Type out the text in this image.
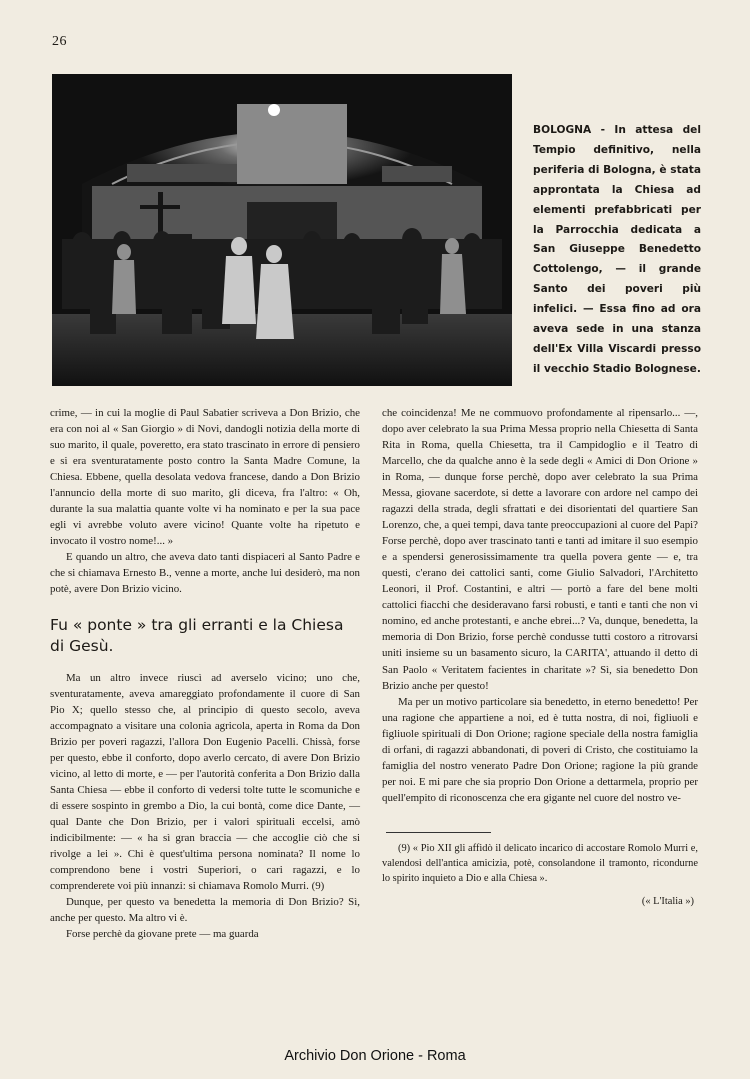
26
BOLOGNA - In attesa del Tempio definitivo, nella periferia di Bologna, è stata approntata la Chiesa ad elementi prefabbricati per la Parrocchia dedicata a San Giuseppe Benedetto Cottolengo, — il grande Santo dei poveri più infelici. — Essa fino ad ora aveva sede in una stanza dell'Ex Villa Viscardi presso il vecchio Stadio Bolognese.

crime, — in cui la moglie di Paul Sabatier scriveva a Don Brizio, che era con noi al « San Giorgio » di Novi, dandogli notizia della morte di suo marito, il quale, poveretto, era stato trascinato in errore di pensiero e si era sventuratamente posto contro la Santa Madre Comune, la Chiesa. Ebbene, quella desolata vedova francese, dando a Don Brizio l'annuncio della morte di suo marito, gli diceva, fra l'altro: « Oh, durante la sua malattia quante volte vi ha nominato e per la sua pace egli vi avrebbe voluto avere vicino! Quante volte ha ripetuto e invocato il vostro nome!... »

E quando un altro, che aveva dato tanti dispiaceri al Santo Padre e che si chiamava Ernesto B., venne a morte, anche lui desiderò, ma non potè, avere Don Brizio vicino.

Fu « ponte » tra gli erranti e la Chiesa di Gesù.

Ma un altro invece riuscì ad averselo vicino; uno che, sventuratamente, aveva amareggiato profondamente il cuore di San Pio X; quello stesso che, al principio di questo secolo, aveva accompagnato a visitare una colonia agricola, aperta in Roma da Don Brizio per poveri ragazzi, l'allora Don Eugenio Pacelli. Chissà, forse per questo, ebbe il conforto, dopo averlo cercato, di avere Don Brizio vicino, al letto di morte, e — per l'autorità conferita a Don Brizio dalla Santa Chiesa — ebbe il conforto di vedersi tolte tutte le scomuniche e di essere sospinto in grembo a Dio, la cui bontà, come dice Dante, — qual Dante che Don Brizio, per i valori spirituali eccelsi, amò indicibilmente: — « ha sì gran braccia — che accoglie ciò che si rivolge a lei ». Chi è quest'ultima persona nominata? Il nome lo comprendono bene i vostri Superiori, o cari ragazzi, e lo comprenderete voi più innanzi: si chiamava Romolo Murri. (9)

Dunque, per questo va benedetta la memoria di Don Brizio? Sì, anche per questo. Ma altro vi è.

Forse perchè da giovane prete — ma guarda

che coincidenza! Me ne commuovo profondamente al ripensarlo... —, dopo aver celebrato la sua Prima Messa proprio nella Chiesetta di Santa Rita in Roma, quella Chiesetta, tra il Campidoglio e il Teatro di Marcello, che da qualche anno è la sede degli « Amici di Don Orione » in Roma, — dunque forse perchè, dopo aver celebrato la sua Prima Messa, giovane sacerdote, si dette a lavorare con ardore nel campo dei ragazzi della strada, degli sfrattati e dei disorientati del quartiere San Lorenzo, che, a quei tempi, dava tante preoccupazioni al cuore del Papi? Forse perchè, dopo aver trascinato tanti e tanti ad imitare il suo esempio e a spendersi generosissimamente tra quella povera gente — e, tra questi, c'erano dei cattolici santi, come Giulio Salvadori, l'Architetto Leonori, il Prof. Costantini, e altri — portò a fare del bene molti cattolici fiacchi che desideravano farsi robusti, e tanti e tanti che non vi nomino, ed anche protestanti, e anche ebrei...? Va, dunque, benedetta, la memoria di Don Brizio, forse perchè condusse tutti costoro a ritrovarsi uniti insieme su un basamento sicuro, la CARITA', attuando il detto di San Paolo « Veritatem facientes in charitate »? Sì, sia benedetto Don Brizio anche per questo!

Ma per un motivo particolare sia benedetto, in eterno benedetto! Per una ragione che appartiene a noi, ed è tutta nostra, di noi, figliuoli e figliuole spirituali di Don Orione; ragione speciale della nostra famiglia di orfani, di ragazzi abbandonati, di poveri di Cristo, che costituiamo la famiglia del nostro venerato Padre Don Orione; ragione la più grande per noi. E mi pare che sia proprio Don Orione a dettarmela, proprio per quell'empito di riconoscenza che era gigante nel cuore del nostro ve-

(9) « Pio XII gli affidò il delicato incarico di accostare Romolo Murri e, valendosi dell'antica amicizia, potè, consolandone il tramonto, ricondurne lo spirito inquieto a Dio e alla Chiesa ».

(« L'Italia »)
Archivio Don Orione - Roma
